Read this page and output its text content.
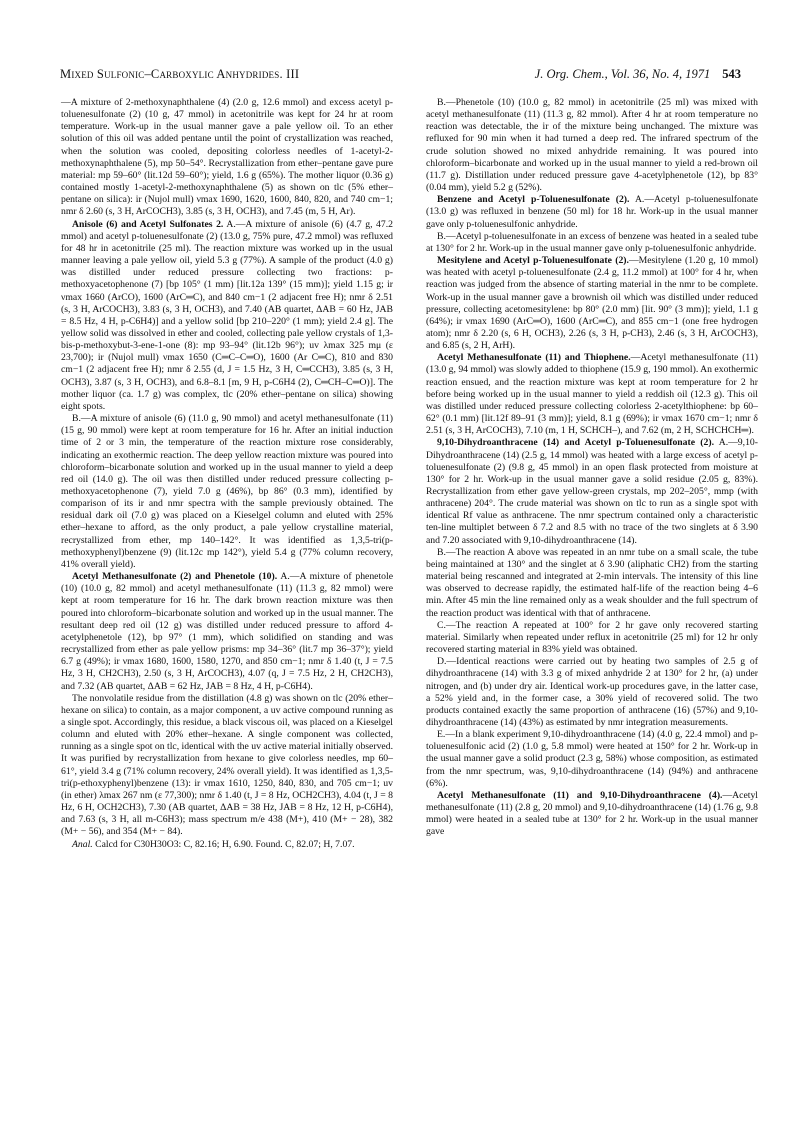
Mixed Sulfonic–Carboxylic Anhydrides. III	J. Org. Chem., Vol. 36, No. 4, 1971 543

—A mixture of 2-methoxynaphthalene (4) (2.0 g, 12.6 mmol) and excess acetyl p-toluenesulfonate (2) (10 g, 47 mmol) in acetonitrile was kept for 24 hr at room temperature. Work-up in the usual manner gave a pale yellow oil. To an ether solution of this oil was added pentane until the point of crystallization was reached, when the solution was cooled, depositing colorless needles of 1-acetyl-2-methoxynaphthalene (5), mp 50–54°. Recrystallization from ether–pentane gave pure material: mp 59–60° (lit.12d 59–60°); yield, 1.6 g (65%). The mother liquor (0.36 g) contained mostly 1-acetyl-2-methoxynaphthalene (5) as shown on tlc (5% ether–pentane on silica): ir (Nujol mull) νmax 1690, 1620, 1600, 840, 820, and 740 cm−1; nmr δ 2.60 (s, 3 H, ArCOCH3), 3.85 (s, 3 H, OCH3), and 7.45 (m, 5 H, Ar).

Anisole (6) and Acetyl Sulfonates 2. A.—A mixture of anisole (6) (4.7 g, 47.2 mmol) and acetyl p-toluenesulfonate (2) (13.0 g, 75% pure, 47.2 mmol) was refluxed for 48 hr in acetonitrile (25 ml). The reaction mixture was worked up in the usual manner leaving a pale yellow oil, yield 5.3 g (77%). A sample of the product (4.0 g) was distilled under reduced pressure collecting two fractions: p-methoxyacetophenone (7) [bp 105° (1 mm) [lit.12a 139° (15 mm)]; yield 1.15 g; ir νmax 1660 (ArCO), 1600 (ArC═C), and 840 cm−1 (2 adjacent free H); nmr δ 2.51 (s, 3 H, ArCOCH3), 3.83 (s, 3 H, OCH3), and 7.40 (AB quartet, ΔAB = 60 Hz, JAB = 8.5 Hz, 4 H, p-C6H4)] and a yellow solid [bp 210–220° (1 mm); yield 2.4 g]. The yellow solid was dissolved in ether and cooled, collecting pale yellow crystals of 1,3-bis-p-methoxybut-3-ene-1-one (8): mp 93–94° (lit.12b 96°); uv λmax 325 mμ (ε 23,700); ir (Nujol mull) νmax 1650 (C═C–C═O), 1600 (Ar C═C), 810 and 830 cm−1 (2 adjacent free H); nmr δ 2.55 (d, J = 1.5 Hz, 3 H, C═CCH3), 3.85 (s, 3 H, OCH3), 3.87 (s, 3 H, OCH3), and 6.8–8.1 [m, 9 H, p-C6H4 (2), C═CH–C═O)]. The mother liquor (ca. 1.7 g) was complex, tlc (20% ether–pentane on silica) showing eight spots.

B.—A mixture of anisole (6) (11.0 g, 90 mmol) and acetyl methanesulfonate (11) (15 g, 90 mmol) were kept at room temperature for 16 hr. After an initial induction time of 2 or 3 min, the temperature of the reaction mixture rose considerably, indicating an exothermic reaction. The deep yellow reaction mixture was poured into chloroform–bicarbonate solution and worked up in the usual manner to yield a deep red oil (14.0 g). The oil was then distilled under reduced pressure collecting p-methoxyacetophenone (7), yield 7.0 g (46%), bp 86° (0.3 mm), identified by comparison of its ir and nmr spectra with the sample previously obtained. The residual dark oil (7.0 g) was placed on a Kieselgel column and eluted with 25% ether–hexane to afford, as the only product, a pale yellow crystalline material, recrystallized from ether, mp 140–142°. It was identified as 1,3,5-tri(p-methoxyphenyl)benzene (9) (lit.12c mp 142°), yield 5.4 g (77% column recovery, 41% overall yield).

Acetyl Methanesulfonate (2) and Phenetole (10). A.—A mixture of phenetole (10) (10.0 g, 82 mmol) and acetyl methanesulfonate (11) (11.3 g, 82 mmol) were kept at room temperature for 16 hr. The dark brown reaction mixture was then poured into chloroform–bicarbonate solution and worked up in the usual manner. The resultant deep red oil (12 g) was distilled under reduced pressure to afford 4-acetylphenetole (12), bp 97° (1 mm), which solidified on standing and was recrystallized from ether as pale yellow prisms: mp 34–36° (lit.7 mp 36–37°); yield 6.7 g (49%); ir νmax 1680, 1600, 1580, 1270, and 850 cm−1; nmr δ 1.40 (t, J = 7.5 Hz, 3 H, CH2CH3), 2.50 (s, 3 H, ArCOCH3), 4.07 (q, J = 7.5 Hz, 2 H, CH2CH3), and 7.32 (AB quartet, ΔAB = 62 Hz, JAB = 8 Hz, 4 H, p-C6H4).

The nonvolatile residue from the distillation (4.8 g) was shown on tlc (20% ether–hexane on silica) to contain, as a major component, a uv active compound running as a single spot. Accordingly, this residue, a black viscous oil, was placed on a Kieselgel column and eluted with 20% ether–hexane. A single component was collected, running as a single spot on tlc, identical with the uv active material initially observed. It was purified by recrystallization from hexane to give colorless needles, mp 60–61°, yield 3.4 g (71% column recovery, 24% overall yield). It was identified as 1,3,5-tri(p-ethoxyphenyl)benzene (13): ir νmax 1610, 1250, 840, 830, and 705 cm−1; uv (in ether) λmax 267 nm (ε 77,300); nmr δ 1.40 (t, J = 8 Hz, OCH2CH3), 4.04 (t, J = 8 Hz, 6 H, OCH2CH3), 7.30 (AB quartet, ΔAB = 38 Hz, JAB = 8 Hz, 12 H, p-C6H4), and 7.63 (s, 3 H, all m-C6H3); mass spectrum m/e 438 (M+), 410 (M+ − 28), 382 (M+ − 56), and 354 (M+ − 84).

Anal. Calcd for C30H30O3: C, 82.16; H, 6.90. Found. C, 82.07; H, 7.07.

B.—Phenetole (10) (10.0 g, 82 mmol) in acetonitrile (25 ml) was mixed with acetyl methanesulfonate (11) (11.3 g, 82 mmol). After 4 hr at room temperature no reaction was detectable, the ir of the mixture being unchanged. The mixture was refluxed for 90 min when it had turned a deep red. The infrared spectrum of the crude solution showed no mixed anhydride remaining. It was poured into chloroform–bicarbonate and worked up in the usual manner to yield a red-brown oil (11.7 g). Distillation under reduced pressure gave 4-acetylphenetole (12), bp 83° (0.04 mm), yield 5.2 g (52%).

Benzene and Acetyl p-Toluenesulfonate (2). A.—Acetyl p-toluenesulfonate (13.0 g) was refluxed in benzene (50 ml) for 18 hr. Work-up in the usual manner gave only p-toluenesulfonic anhydride.

B.—Acetyl p-toluenesulfonate in an excess of benzene was heated in a sealed tube at 130° for 2 hr. Work-up in the usual manner gave only p-toluenesulfonic anhydride.

Mesitylene and Acetyl p-Toluenesulfonate (2).—Mesitylene (1.20 g, 10 mmol) was heated with acetyl p-toluenesulfonate (2.4 g, 11.2 mmol) at 100° for 4 hr, when reaction was judged from the absence of starting material in the nmr to be complete. Work-up in the usual manner gave a brownish oil which was distilled under reduced pressure, collecting acetomesitylene: bp 80° (2.0 mm) [lit. 90° (3 mm)]; yield, 1.1 g (64%); ir νmax 1690 (ArC═O), 1600 (ArC═C), and 855 cm−1 (one free hydrogen atom); nmr δ 2.20 (s, 6 H, OCH3), 2.26 (s, 3 H, p-CH3), 2.46 (s, 3 H, ArCOCH3), and 6.85 (s, 2 H, ArH).

Acetyl Methanesulfonate (11) and Thiophene.—Acetyl methanesulfonate (11) (13.0 g, 94 mmol) was slowly added to thiophene (15.9 g, 190 mmol). An exothermic reaction ensued, and the reaction mixture was kept at room temperature for 2 hr before being worked up in the usual manner to yield a reddish oil (12.3 g). This oil was distilled under reduced pressure collecting colorless 2-acetylthiophene: bp 60–62° (0.1 mm) [lit.12f 89–91 (3 mm)]; yield, 8.1 g (69%); ir νmax 1670 cm−1; nmr δ 2.51 (s, 3 H, ArCOCH3), 7.10 (m, 1 H, SCHCH–), and 7.62 (m, 2 H, SCHCHCH═).

9,10-Dihydroanthracene (14) and Acetyl p-Toluenesulfonate (2). A.—9,10-Dihydroanthracene (14) (2.5 g, 14 mmol) was heated with a large excess of acetyl p-toluenesulfonate (2) (9.8 g, 45 mmol) in an open flask protected from moisture at 130° for 2 hr. Work-up in the usual manner gave a solid residue (2.05 g, 83%). Recrystallization from ether gave yellow-green crystals, mp 202–205°, mmp (with anthracene) 204°. The crude material was shown on tlc to run as a single spot with identical Rf value as anthracene. The nmr spectrum contained only a characteristic ten-line multiplet between δ 7.2 and 8.5 with no trace of the two singlets at δ 3.90 and 7.20 associated with 9,10-dihydroanthracene (14).

B.—The reaction A above was repeated in an nmr tube on a small scale, the tube being maintained at 130° and the singlet at δ 3.90 (aliphatic CH2) from the starting material being rescanned and integrated at 2-min intervals. The intensity of this line was observed to decrease rapidly, the estimated half-life of the reaction being 4–6 min. After 45 min the line remained only as a weak shoulder and the full spectrum of the reaction product was identical with that of anthracene.

C.—The reaction A repeated at 100° for 2 hr gave only recovered starting material. Similarly when repeated under reflux in acetonitrile (25 ml) for 12 hr only recovered starting material in 83% yield was obtained.

D.—Identical reactions were carried out by heating two samples of 2.5 g of dihydroanthracene (14) with 3.3 g of mixed anhydride 2 at 130° for 2 hr, (a) under nitrogen, and (b) under dry air. Identical work-up procedures gave, in the latter case, a 52% yield and, in the former case, a 30% yield of recovered solid. The two products contained exactly the same proportion of anthracene (16) (57%) and 9,10-dihydroanthracene (14) (43%) as estimated by nmr integration measurements.

E.—In a blank experiment 9,10-dihydroanthracene (14) (4.0 g, 22.4 mmol) and p-toluenesulfonic acid (2) (1.0 g, 5.8 mmol) were heated at 150° for 2 hr. Work-up in the usual manner gave a solid product (2.3 g, 58%) whose composition, as estimated from the nmr spectrum, was, 9,10-dihydroanthracene (14) (94%) and anthracene (6%).

Acetyl Methanesulfonate (11) and 9,10-Dihydroanthracene (4).—Acetyl methanesulfonate (11) (2.8 g, 20 mmol) and 9,10-dihydroanthracene (14) (1.76 g, 9.8 mmol) were heated in a sealed tube at 130° for 2 hr. Work-up in the usual manner gave
